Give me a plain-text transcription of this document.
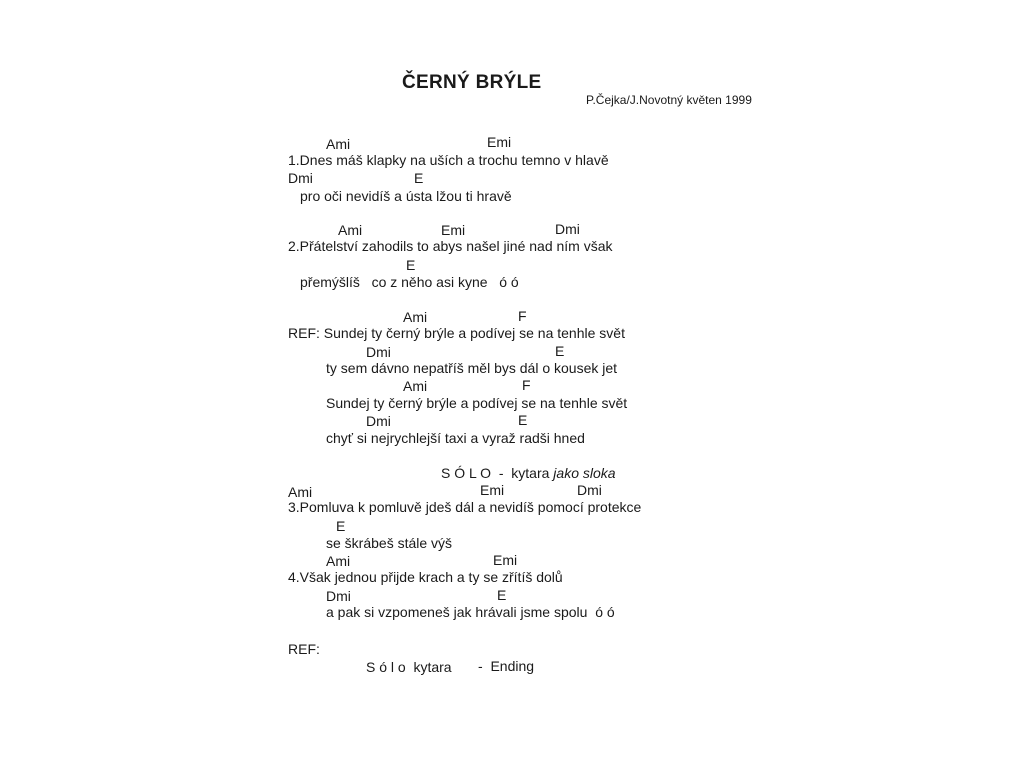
ČERNÝ BRÝLE
P.Čejka/J.Novotný květen 1999
Ami	Emi
1.Dnes máš klapky na uších a trochu temno v hlavě
Dmi	E
pro oči nevidíš a ústa lžou ti hravě
Ami	Emi	Dmi
2.Přátelství zahodils to abys našel jiné nad ním však
E
přemýšlíš   co z něho asi kyne   ó ó
Ami	F
REF: Sundej ty černý brýle a podívej se na tenhle svět
Dmi	E
ty sem dávno nepatříš měl bys dál o kousek jet
Ami	F
Sundej ty černý brýle a podívej se na tenhle svět
Dmi	E
chyť si nejrychlejší taxi a vyraž radši hned
S Ó L O  -  kytara jako sloka
Ami	Emi	Dmi
3.Pomluva k pomluvě jdeš dál a nevidíš pomocí protekce
E
se škrábeš stále výš
Ami	Emi
4.Však jednou přijde krach a ty se zřítíš dolů
Dmi	E
a pak si vzpomeneš jak hrávali jsme spolu  ó ó
REF:
S ó l o  kytara -  Ending
